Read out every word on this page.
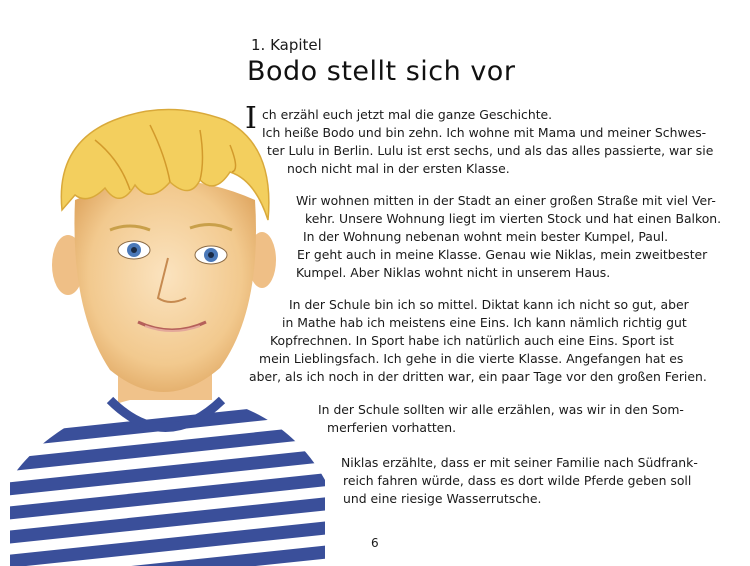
1. Kapitel
Bodo stellt sich vor
I ch erzähl euch jetzt mal die ganze Geschichte.
Ich heiße Bodo und bin zehn. Ich wohne mit Mama und meiner Schwes-
ter Lulu in Berlin. Lulu ist erst sechs, und als das alles passierte, war sie
noch nicht mal in der ersten Klasse.
Wir wohnen mitten in der Stadt an einer großen Straße mit viel Ver-
kehr. Unsere Wohnung liegt im vierten Stock und hat einen Balkon.
In der Wohnung nebenan wohnt mein bester Kumpel, Paul.
Er geht auch in meine Klasse. Genau wie Niklas, mein zweitbester
Kumpel. Aber Niklas wohnt nicht in unserem Haus.
In der Schule bin ich so mittel. Diktat kann ich nicht so gut, aber
in Mathe hab ich meistens eine Eins. Ich kann nämlich richtig gut
Kopfrechnen. In Sport habe ich natürlich auch eine Eins. Sport ist
mein Lieblingsfach. Ich gehe in die vierte Klasse. Angefangen hat es
aber, als ich noch in der dritten war, ein paar Tage vor den großen Ferien.
In der Schule sollten wir alle erzählen, was wir in den Som-
merferien vorhatten.
Niklas erzählte, dass er mit seiner Familie nach Südfrank-
reich fahren würde, dass es dort wilde Pferde geben soll
und eine riesige Wasserrutsche.
6
